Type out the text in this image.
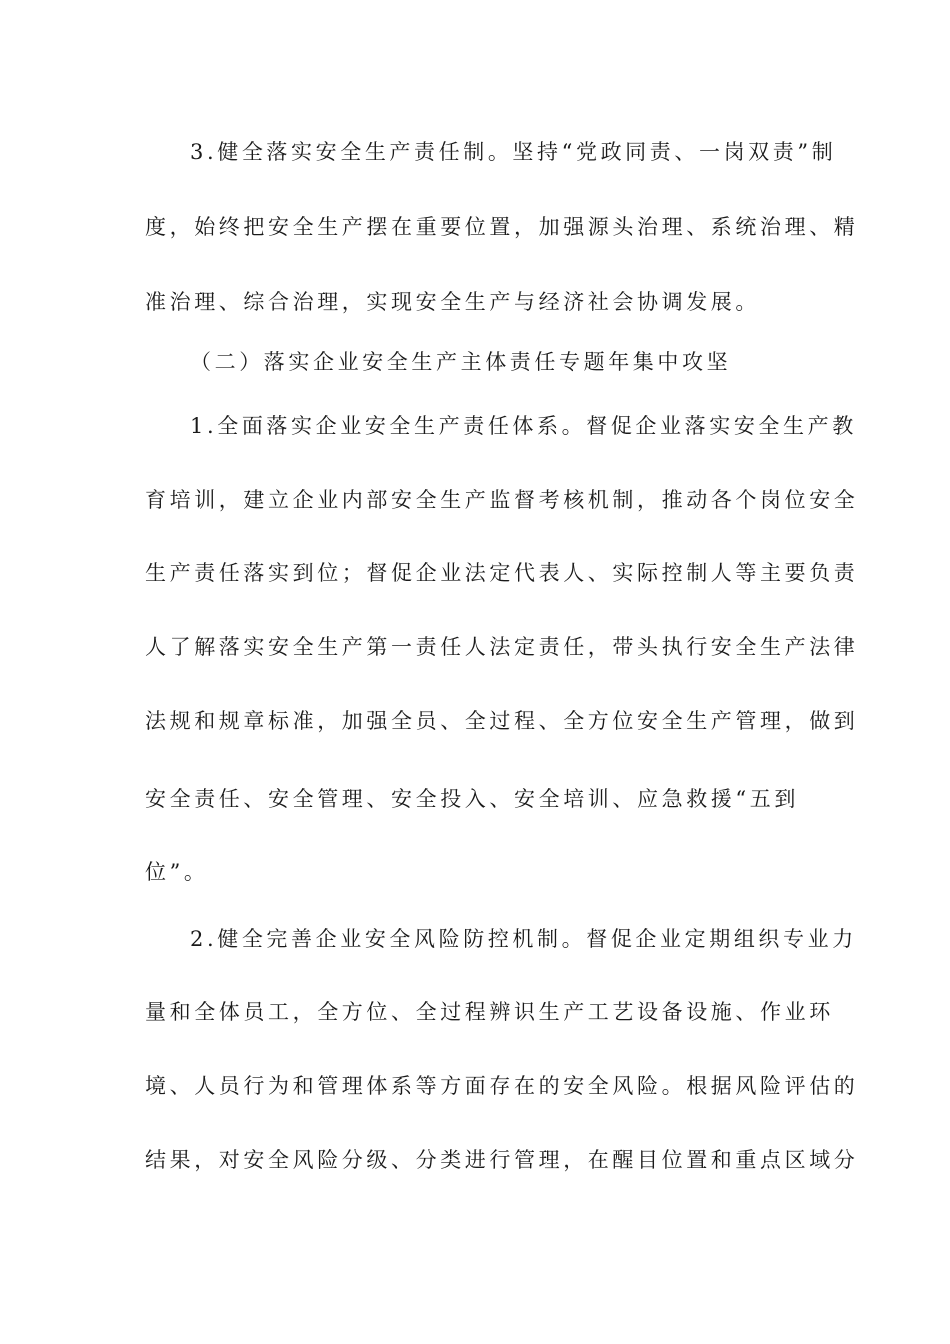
3.健全落实安全生产责任制。坚持“党政同责、一岗双责”制
度，始终把安全生产摆在重要位置，加强源头治理、系统治理、精
准治理、综合治理，实现安全生产与经济社会协调发展。
（二）落实企业安全生产主体责任专题年集中攻坚
1.全面落实企业安全生产责任体系。督促企业落实安全生产教
育培训，建立企业内部安全生产监督考核机制，推动各个岗位安全
生产责任落实到位；督促企业法定代表人、实际控制人等主要负责
人了解落实安全生产第一责任人法定责任，带头执行安全生产法律
法规和规章标准，加强全员、全过程、全方位安全生产管理，做到
安全责任、安全管理、安全投入、安全培训、应急救援“五到
位”。
2.健全完善企业安全风险防控机制。督促企业定期组织专业力
量和全体员工，全方位、全过程辨识生产工艺设备设施、作业环
境、人员行为和管理体系等方面存在的安全风险。根据风险评估的
结果，对安全风险分级、分类进行管理，在醒目位置和重点区域分
